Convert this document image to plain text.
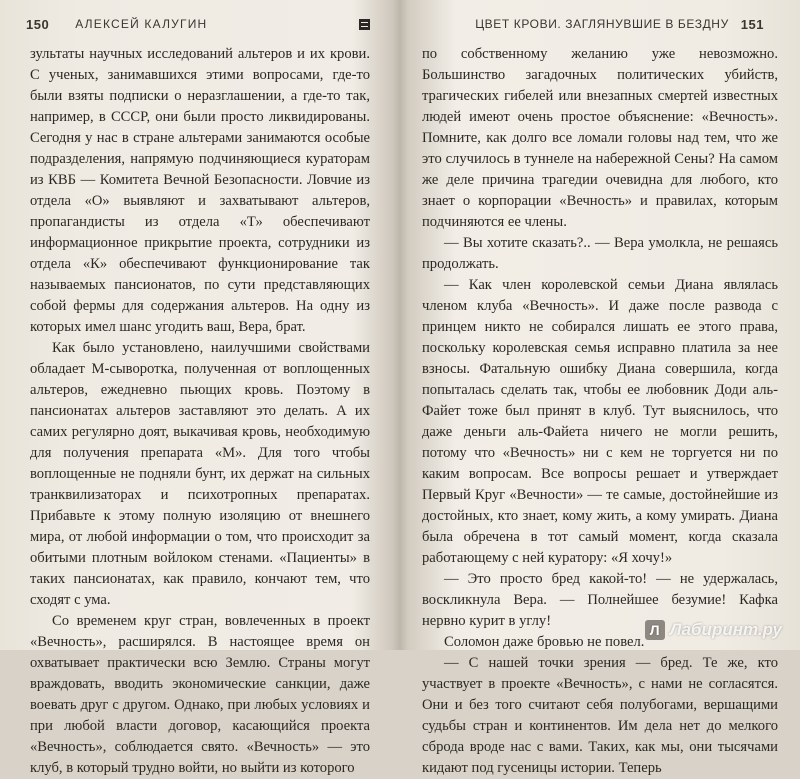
150 АЛЕКСЕЙ КАЛУГИН

зультаты научных исследований альтеров и их крови. С ученых, занимавшихся этими вопросами, где-то были взяты подписки о неразглашении, а где-то так, например, в СССР, они были просто ликвидированы. Сегодня у нас в стране альтерами занимаются особые подразделения, напрямую подчиняющиеся кураторам из КВБ — Комитета Вечной Безопасности. Ловчие из отдела «О» выявляют и захватывают альтеров, пропагандисты из отдела «Т» обеспечивают информационное прикрытие проекта, сотрудники из отдела «К» обеспечивают функционирование так называемых пансионатов, по сути представляющих собой фермы для содержания альтеров. На одну из которых имел шанс угодить ваш, Вера, брат.

Как было установлено, наилучшими свойствами обладает М-сыворотка, полученная от воплощенных альтеров, ежедневно пьющих кровь. Поэтому в пансионатах альтеров заставляют это делать. А их самих регулярно доят, выкачивая кровь, необходимую для получения препарата «М». Для того чтобы воплощенные не подняли бунт, их держат на сильных транквилизаторах и психотропных препаратах. Прибавьте к этому полную изоляцию от внешнего мира, от любой информации о том, что происходит за обитыми плотным войлоком стенами. «Пациенты» в таких пансионатах, как правило, кончают тем, что сходят с ума.

Со временем круг стран, вовлеченных в проект «Вечность», расширялся. В настоящее время он охватывает практически всю Землю. Страны могут враждовать, вводить экономические санкции, даже воевать друг с другом. Однако, при любых условиях и при любой власти договор, касающийся проекта «Вечность», соблюдается свято. «Вечность» — это клуб, в который трудно войти, но выйти из которого

ЦВЕТ КРОВИ. ЗАГЛЯНУВШИЕ В БЕЗДНУ 151

по собственному желанию уже невозможно. Большинство загадочных политических убийств, трагических гибелей или внезапных смертей известных людей имеют очень простое объяснение: «Вечность». Помните, как долго все ломали головы над тем, что же это случилось в туннеле на набережной Сены? На самом же деле причина трагедии очевидна для любого, кто знает о корпорации «Вечность» и правилах, которым подчиняются ее члены.

— Вы хотите сказать?.. — Вера умолкла, не решаясь продолжать.

— Как член королевской семьи Диана являлась членом клуба «Вечность». И даже после развода с принцем никто не собирался лишать ее этого права, поскольку королевская семья исправно платила за нее взносы. Фатальную ошибку Диана совершила, когда попыталась сделать так, чтобы ее любовник Доди аль-Файет тоже был принят в клуб. Тут выяснилось, что даже деньги аль-Файета ничего не могли решить, потому что «Вечность» ни с кем не торгуется ни по каким вопросам. Все вопросы решает и утверждает Первый Круг «Вечности» — те самые, достойнейшие из достойных, кто знает, кому жить, а кому умирать. Диана была обречена в тот самый момент, когда сказала работающему с ней куратору: «Я хочу!»

— Это просто бред какой-то! — не удержалась, воскликнула Вера. — Полнейшее безумие! Кафка нервно курит в углу!

Соломон даже бровью не повел.

— С нашей точки зрения — бред. Те же, кто участвует в проекте «Вечность», с нами не согласятся. Они и без того считают себя полубогами, вершащими судьбы стран и континентов. Им дела нет до мелкого сброда вроде нас с вами. Таких, как мы, они тысячами кидают под гусеницы истории. Теперь

Л Лабиринт.ру
